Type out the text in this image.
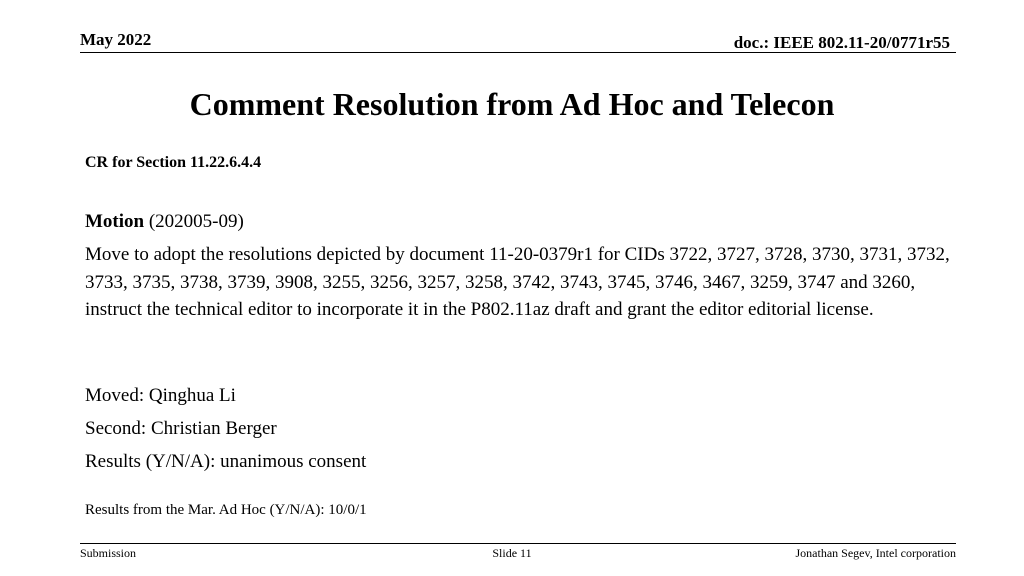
May 2022	doc.: IEEE 802.11-20/0771r55
Comment Resolution from Ad Hoc and Telecon
CR for Section 11.22.6.4.4
Motion (202005-09)
Move to adopt the resolutions depicted by document 11-20-0379r1 for CIDs 3722, 3727, 3728, 3730, 3731, 3732, 3733, 3735, 3738, 3739, 3908, 3255, 3256, 3257, 3258, 3742, 3743, 3745, 3746, 3467, 3259, 3747 and 3260, instruct the technical editor to incorporate it in the P802.11az draft and grant the editor editorial license.
Moved: Qinghua Li
Second: Christian Berger
Results (Y/N/A): unanimous consent
Results from the Mar. Ad Hoc (Y/N/A): 10/0/1
Submission	Slide 11	Jonathan Segev, Intel corporation
